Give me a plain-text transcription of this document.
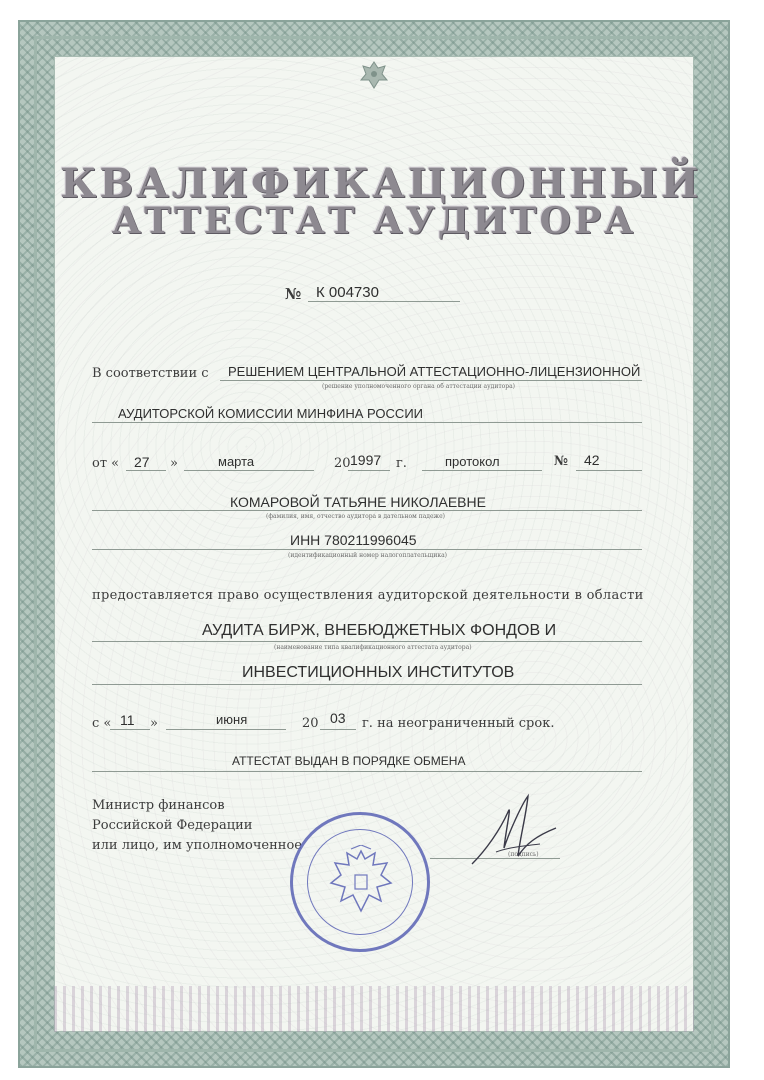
КВАЛИФИКАЦИОННЫЙ
АТТЕСТАТ АУДИТОРА
№ К 004730
В соответствии с РЕШЕНИЕМ ЦЕНТРАЛЬНОЙ АТТЕСТАЦИОННО-ЛИЦЕНЗИОННОЙ
(решение уполномоченного органа об аттестации аудитора)
АУДИТОРСКОЙ КОМИССИИ МИНФИНА РОССИИ
от « 27 »	марта	20 1997 г.	протокол	№ 42
КОМАРОВОЙ ТАТЬЯНЕ НИКОЛАЕВНЕ
(фамилия, имя, отчество аудитора в дательном падеже)
ИНН 780211996045
(идентификационный номер налогоплательщика)
предоставляется право осуществления аудиторской деятельности в области
АУДИТА БИРЖ, ВНЕБЮДЖЕТНЫХ ФОНДОВ И
(наименование типа квалификационного аттестата аудитора)
ИНВЕСТИЦИОННЫХ ИНСТИТУТОВ
с « 11 »	июня	20 03 г. на неограниченный срок.
АТТЕСТАТ ВЫДАН В ПОРЯДКЕ ОБМЕНА
Министр финансов
Российской Федерации
или лицо, им уполномоченное
(подпись)
